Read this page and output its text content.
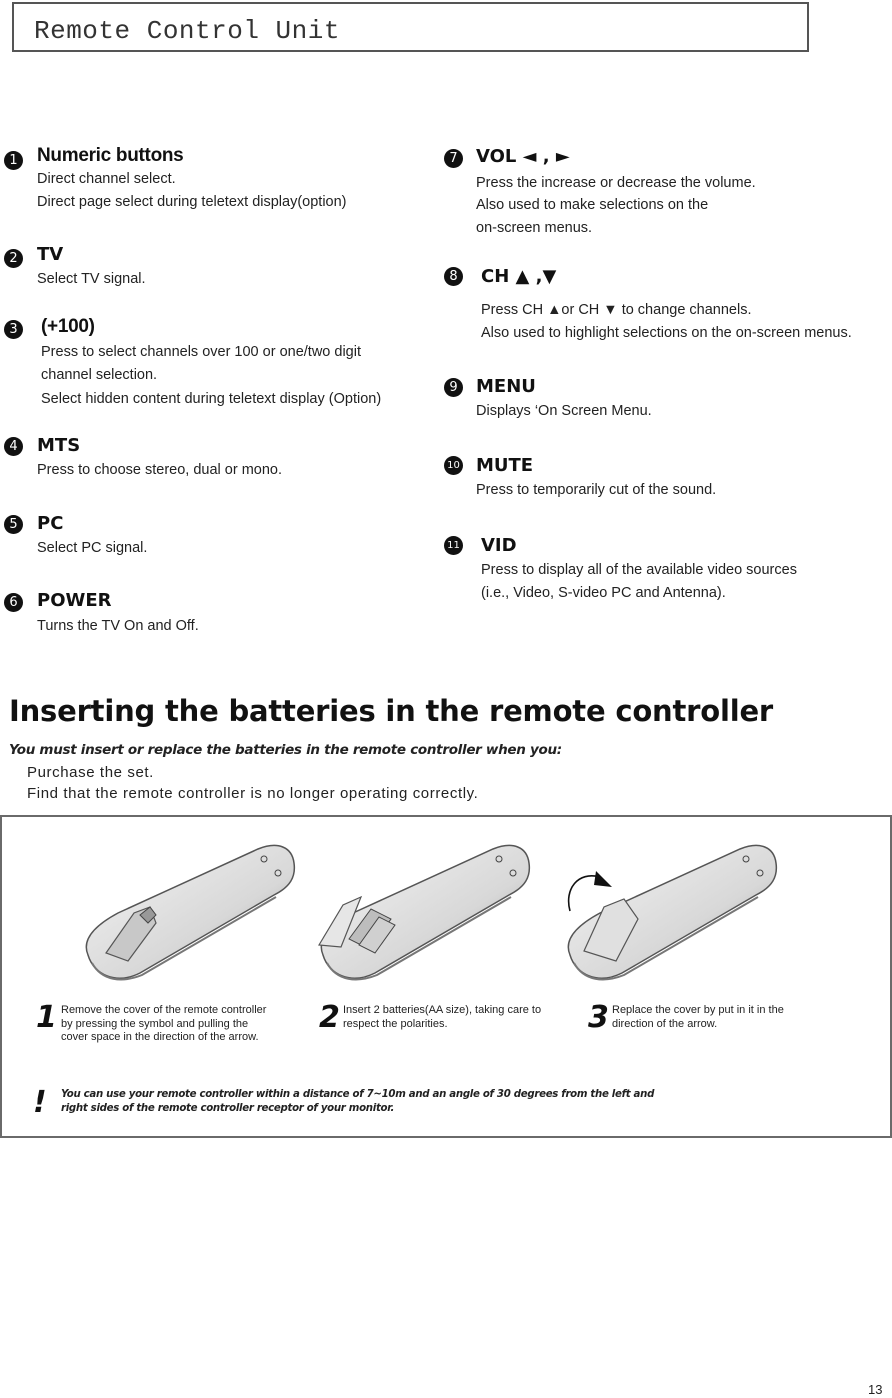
Remote Control Unit
1 Numeric buttons
Direct channel select.
Direct page select during teletext display(option)
2 TV
Select TV signal.
3 (+100)
Press to select channels over 100 or one/two digit
channel selection.
Select hidden content during teletext display (Option)
4 MTS
Press to choose stereo, dual or mono.
5 PC
Select PC signal.
6 POWER
Turns the TV On and Off.
7 VOL ◄ , ►
Press the increase or decrease the volume.
Also used to make selections on the
on-screen menus.
8 CH ▲ ,▼
Press CH ▲or CH ▼ to change channels.
Also used to highlight selections on the on-screen menus.
9 MENU
Displays ‘On Screen Menu.
10 MUTE
Press to temporarily cut of the sound.
11 VID
Press to display all of the available video sources
(i.e., Video, S-video PC and Antenna).
Inserting the batteries in the remote controller
You must insert or replace the batteries in the remote controller when you:
Purchase the set.
Find that the remote controller is no longer operating correctly.
1 Remove the cover of the remote controller by pressing the symbol and pulling the cover space in the direction of the arrow.
2 Insert 2 batteries(AA size), taking care to respect the polarities.	3 Replace the cover by put in it in the direction of the arrow.
! You can use your remote controller within a distance of 7~10m and an angle of 30 degrees from the left and right sides of the remote controller receptor of your monitor.
13
